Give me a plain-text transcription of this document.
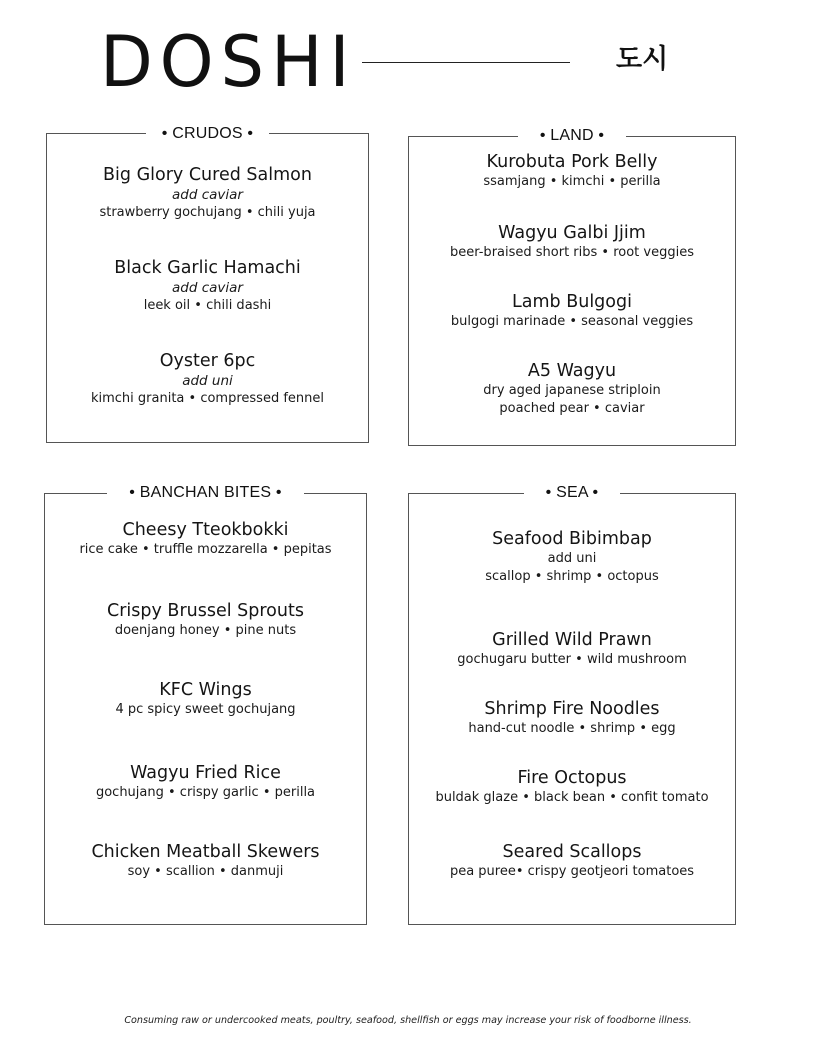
DOSHI	도시
• CRUDOS •
Big Glory Cured Salmon
add caviar
strawberry gochujang • chili yuja
Black Garlic Hamachi
add caviar
leek oil • chili dashi
Oyster 6pc
add uni
kimchi granita • compressed fennel
• LAND •
Kurobuta Pork Belly
ssamjang • kimchi • perilla
Wagyu Galbi Jjim
beer-braised short ribs • root veggies
Lamb Bulgogi
bulgogi marinade • seasonal veggies
A5 Wagyu
dry aged japanese striploin
poached pear • caviar
• BANCHAN BITES •
Cheesy Tteokbokki
rice cake • truffle mozzarella • pepitas
Crispy Brussel Sprouts
doenjang honey • pine nuts
KFC Wings
4 pc spicy sweet gochujang
Wagyu Fried Rice
gochujang • crispy garlic • perilla
Chicken Meatball Skewers
soy • scallion • danmuji
• SEA •
Seafood Bibimbap
add uni
scallop • shrimp • octopus
Grilled Wild Prawn
gochugaru butter • wild mushroom
Shrimp Fire Noodles
hand-cut noodle • shrimp • egg
Fire Octopus
buldak glaze • black bean • confit tomato
Seared Scallops
pea puree• crispy geotjeori tomatoes
Consuming raw or undercooked meats, poultry, seafood, shellfish or eggs may increase your risk of foodborne illness.
